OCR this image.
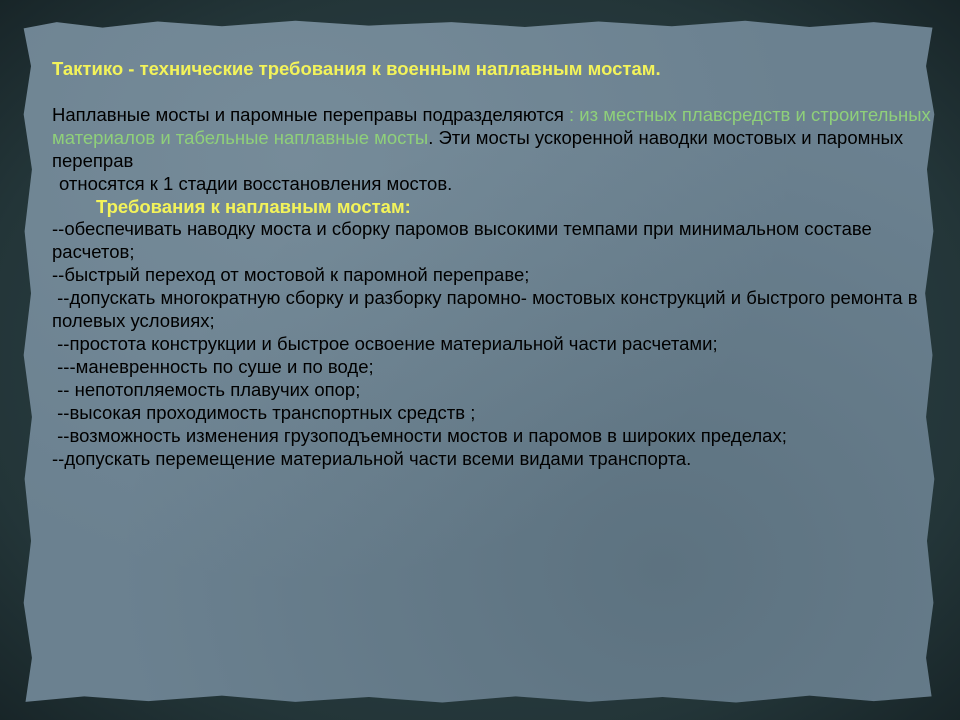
Тактико - технические требования к военным наплавным мостам.

Наплавные мосты и паромные переправы подразделяются : из местных плавсредств и строительных материалов и табельные наплавные мосты. Эти мосты ускоренной наводки мостовых и паромных переправ

относятся к 1 стадии восстановления мостов.

Требования к наплавным мостам:

--обеспечивать наводку моста и сборку паромов высокими темпами при минимальном составе расчетов;

--быстрый переход от мостовой к паромной переправе;

--допускать многократную сборку и разборку паромно- мостовых конструкций и быстрого ремонта в полевых условиях;

--простота конструкции и быстрое освоение материальной части расчетами;

---маневренность по суше и по воде;

-- непотопляемость плавучих опор;

--высокая проходимость транспортных средств ;

--возможность изменения грузоподъемности мостов и паромов в широких пределах;

--допускать перемещение материальной части всеми видами транспорта.
